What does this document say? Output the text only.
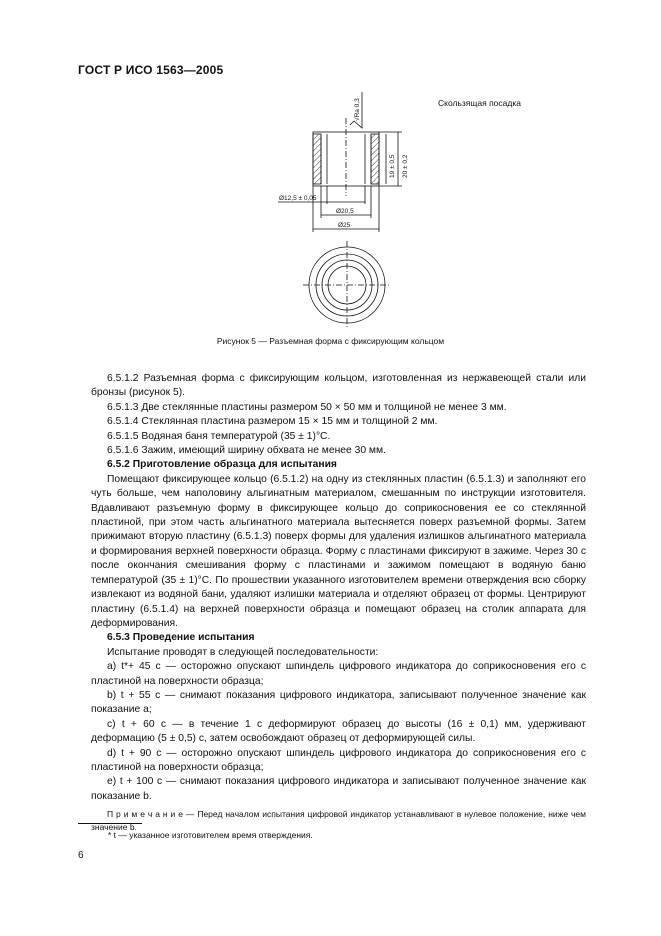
ГОСТ Р ИСО 1563—2005
Скользящая посадка
√Ra 0,3
19 ± 0,5 20 ± 0,2
Ø12,5 ± 0,05
Ø20,5
Ø25
Рисунок 5 — Разъемная форма с фиксирующим кольцом

6.5.1.2 Разъемная форма с фиксирующим кольцом, изготовленная из нержавеющей стали или бронзы (рисунок 5).

6.5.1.3 Две стеклянные пластины размером 50 × 50 мм и толщиной не менее 3 мм.

6.5.1.4 Стеклянная пластина размером 15 × 15 мм и толщиной 2 мм.

6.5.1.5 Водяная баня температурой (35 ± 1)°С.

6.5.1.6 Зажим, имеющий ширину обхвата не менее 30 мм.

6.5.2 Приготовление образца для испытания

Помещают фиксирующее кольцо (6.5.1.2) на одну из стеклянных пластин (6.5.1.3) и заполняют его чуть больше, чем наполовину альгинатным материалом, смешанным по инструкции изготовителя. Вдавливают разъемную форму в фиксирующее кольцо до соприкосновения ее со стеклянной пластиной, при этом часть альгинатного материала вытесняется поверх разъемной формы. Затем прижимают вторую пластину (6.5.1.3) поверх формы для удаления излишков альгинатного материала и формирования верхней поверхности образца. Форму с пластинами фиксируют в зажиме. Через 30 с после окончания смешивания форму с пластинами и зажимом помещают в водяную баню температурой (35 ± 1)°С. По прошествии указанного изготовителем времени отверждения всю сборку извлекают из водяной бани, удаляют излишки материала и отделяют образец от формы. Центрируют пластину (6.5.1.4) на верхней поверхности образца и помещают образец на столик аппарата для деформирования.

6.5.3 Проведение испытания

Испытание проводят в следующей последовательности:

a) t*+ 45 с — осторожно опускают шпиндель цифрового индикатора до соприкосновения его с пластиной на поверхности образца;

b) t + 55 с — снимают показания цифрового индикатора, записывают полученное значение как показание a;

c) t + 60 с — в течение 1 с деформируют образец до высоты (16 ± 0,1) мм, удерживают деформацию (5 ± 0,5) с, затем освобождают образец от деформирующей силы.

d) t + 90 с — осторожно опускают шпиндель цифрового индикатора до соприкосновения его с пластиной на поверхности образца;

e) t + 100 с — снимают показания цифрового индикатора и записывают полученное значение как показание b.

П р и м е ч а н и е — Перед началом испытания цифровой индикатор устанавливают в нулевое положение, ниже чем значение b.

* t — указанное изготовителем время отверждения.
6
